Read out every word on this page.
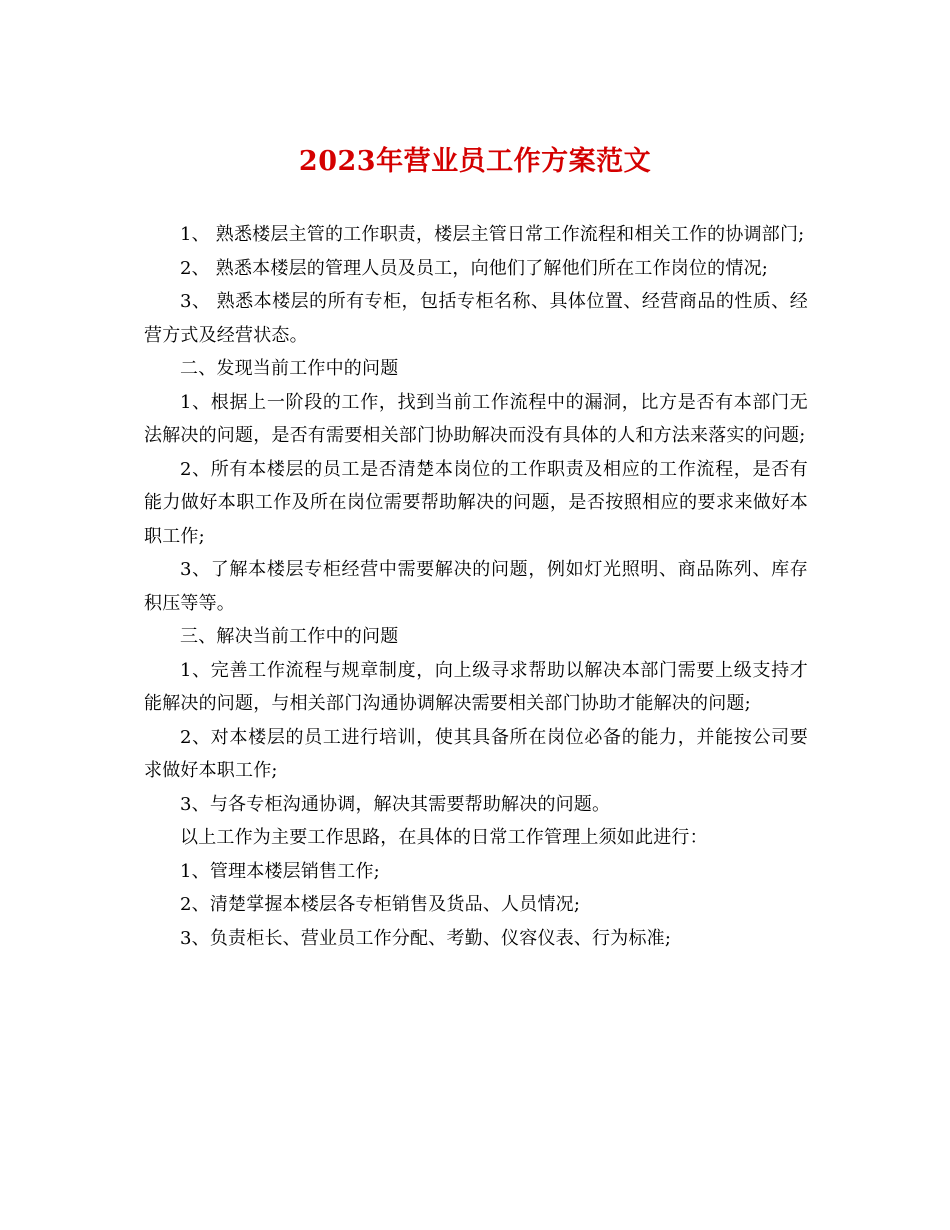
2023年营业员工作方案范文

1、 熟悉楼层主管的工作职责，楼层主管日常工作流程和相关工作的协调部门;

2、 熟悉本楼层的管理人员及员工，向他们了解他们所在工作岗位的情况;

3、 熟悉本楼层的所有专柜，包括专柜名称、具体位置、经营商品的性质、经营方式及经营状态。

二、发现当前工作中的问题

1、根据上一阶段的工作，找到当前工作流程中的漏洞，比方是否有本部门无法解决的问题，是否有需要相关部门协助解决而没有具体的人和方法来落实的问题;

2、所有本楼层的员工是否清楚本岗位的工作职责及相应的工作流程，是否有能力做好本职工作及所在岗位需要帮助解决的问题，是否按照相应的要求来做好本职工作;

3、了解本楼层专柜经营中需要解决的问题，例如灯光照明、商品陈列、库存积压等等。

三、解决当前工作中的问题

1、完善工作流程与规章制度，向上级寻求帮助以解决本部门需要上级支持才能解决的问题，与相关部门沟通协调解决需要相关部门协助才能解决的问题;

2、对本楼层的员工进行培训，使其具备所在岗位必备的能力，并能按公司要求做好本职工作;

3、与各专柜沟通协调，解决其需要帮助解决的问题。

以上工作为主要工作思路，在具体的日常工作管理上须如此进行：

1、管理本楼层销售工作;

2、清楚掌握本楼层各专柜销售及货品、人员情况;

3、负责柜长、营业员工作分配、考勤、仪容仪表、行为标准;
